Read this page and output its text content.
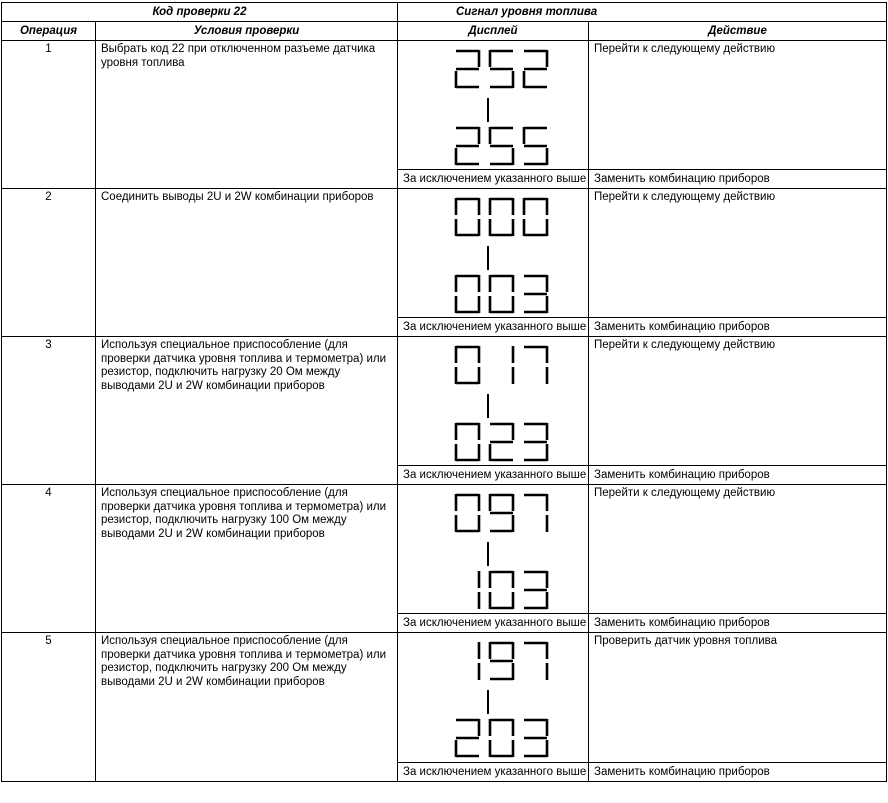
Код проверки 22		Сигнал уровня топлива	
Операция	Условия проверки	Дисплей	Действие
1	Выбрать код 22 при отключенном разъеме датчика уровня топлива		Перейти к следующему действию
		За исключением указанного выше	Заменить комбинацию приборов
2	Соединить выводы 2U и 2W комбинации приборов		Перейти к следующему действию
		За исключением указанного выше	Заменить комбинацию приборов
3	Используя специальное приспособление (для проверки датчика уровня топлива и термометра) или резистор, подключить нагрузку 20 Ом между выводами 2U и 2W комбинации приборов		Перейти к следующему действию
		За исключением указанного выше	Заменить комбинацию приборов
4	Используя специальное приспособление (для проверки датчика уровня топлива и термометра) или резистор, подключить нагрузку 100 Ом между выводами 2U и 2W комбинации приборов		Перейти к следующему действию
		За исключением указанного выше	Заменить комбинацию приборов
5	Используя специальное приспособление (для проверки датчика уровня топлива и термометра) или резистор, подключить нагрузку 200 Ом между выводами 2U и 2W комбинации приборов		Проверить датчик уровня топлива
		За исключением указанного выше	Заменить комбинацию приборов
